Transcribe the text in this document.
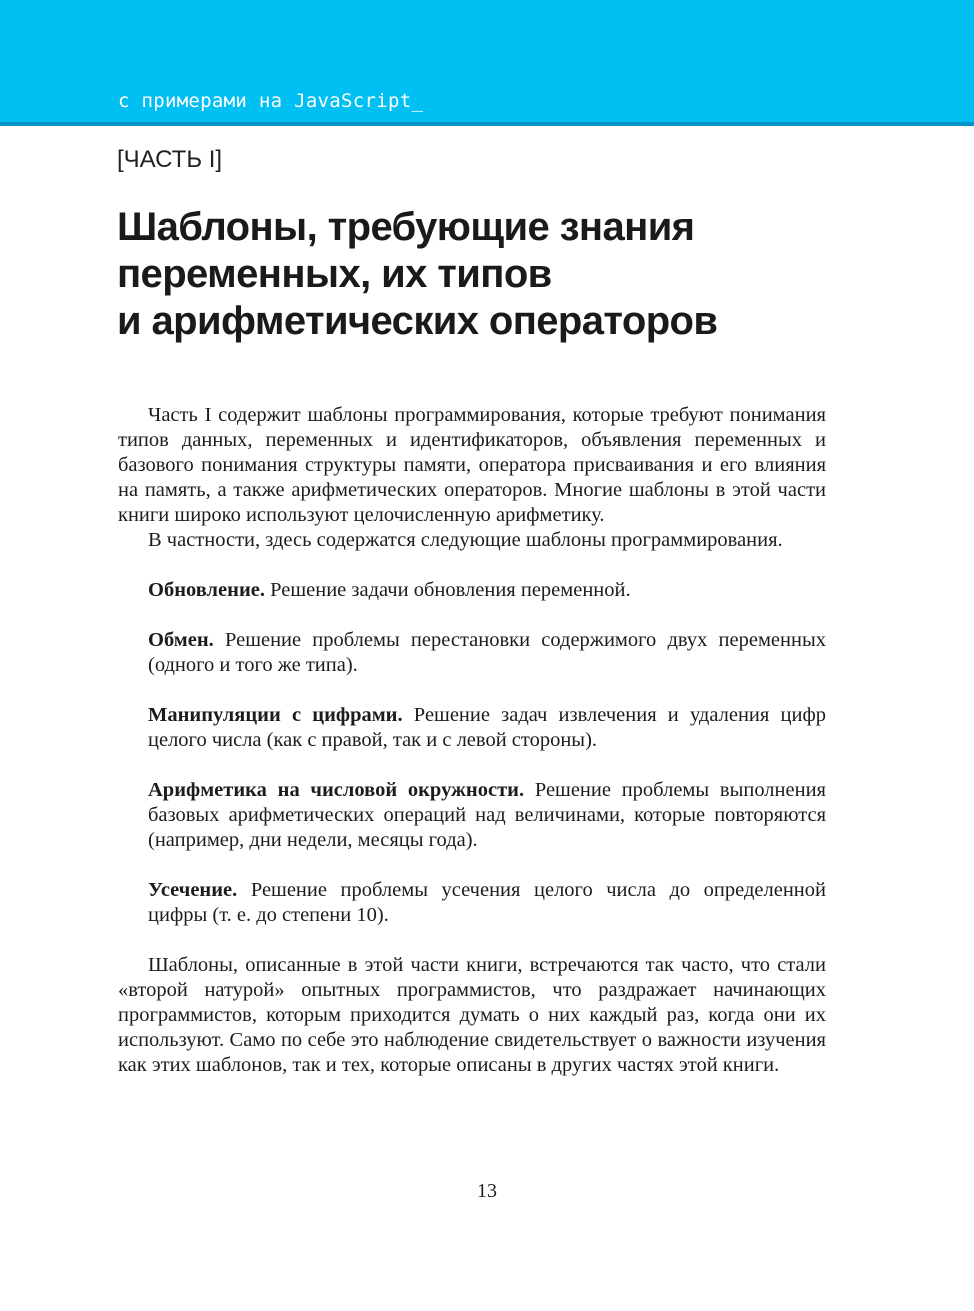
с примерами на JavaScript_
[ЧАСТЬ I]
Шаблоны, требующие знания
переменных, их типов
и арифметических операторов

Часть I содержит шаблоны программирования, которые требуют понимания типов данных, переменных и идентификаторов, объявления переменных и базового понимания структуры памяти, оператора присваивания и его влияния на память, а также арифметических операторов. Многие шаблоны в этой части книги широко используют целочисленную арифметику.

В частности, здесь содержатся следующие шаблоны программирования.

Обновление. Решение задачи обновления переменной.

Обмен. Решение проблемы перестановки содержимого двух переменных (одного и того же типа).

Манипуляции с цифрами. Решение задач извлечения и удаления цифр целого числа (как с правой, так и с левой стороны).

Арифметика на числовой окружности. Решение проблемы выполнения базовых арифметических операций над величинами, которые повторяются (например, дни недели, месяцы года).

Усечение. Решение проблемы усечения целого числа до определенной цифры (т. е. до степени 10).

Шаблоны, описанные в этой части книги, встречаются так часто, что стали «второй натурой» опытных программистов, что раздражает начинающих программистов, которым приходится думать о них каждый раз, когда они их используют. Само по себе это наблюдение свидетельствует о важности изучения как этих шаблонов, так и тех, которые описаны в других частях этой книги.

13
